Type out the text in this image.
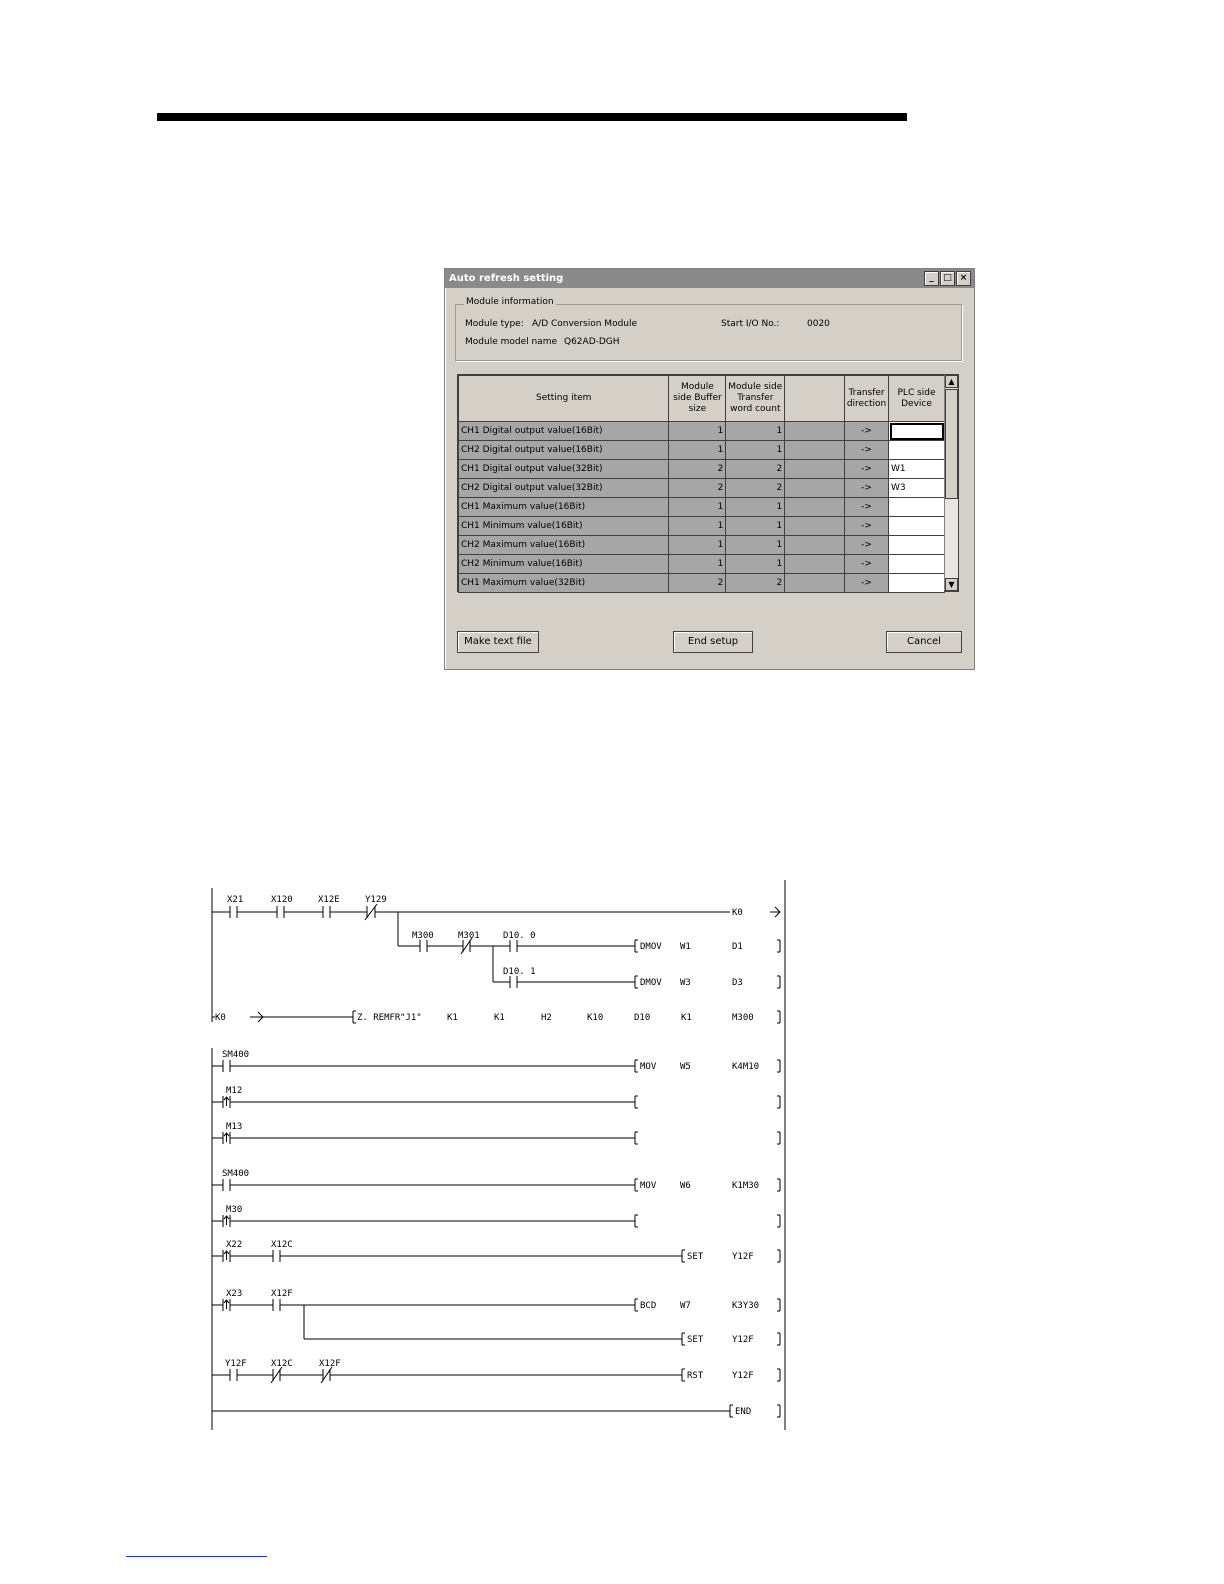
Auto refresh setting	_	□ ×
Module information
Module type: A/D Conversion Module	Start I/O No.:	0020
Module model name Q62AD-DGH
Setting item	Module side Buffer size	Module side Transfer word count		Transfer direction	PLC side Device
CH1 Digital output value(16Bit)	1	1		->	
CH2 Digital output value(16Bit)	1	1		->	
CH1 Digital output value(32Bit)	2	2		->	W1
CH2 Digital output value(32Bit)	2	2		->	W3
CH1 Maximum value(16Bit)	1	1		->	
CH1 Minimum value(16Bit)	1	1		->	
CH2 Maximum value(16Bit)	1	1		->	
CH2 Minimum value(16Bit)	1	1		->	
CH1 Maximum value(32Bit)	2	2		->	
▲
▼
Make text file	End setup	Cancel
X21	X120	X12E	Y129
K0
M300	M301	D10. 0
DMOV W1	D1
D10. 1
DMOV W3	D3
K0	Z. REMFR "J1"	K1	K1	H2	K10	D10	K1	M300
SM400
MOV	W5	K4M10
M12
M13
SM400
MOV	W6	K1M30
M30
X22	X12C
SET	Y12F
X23	X12F
BCD	W7	K3Y30
SET	Y12F
Y12F	X12C	X12F
RST	Y12F
END
